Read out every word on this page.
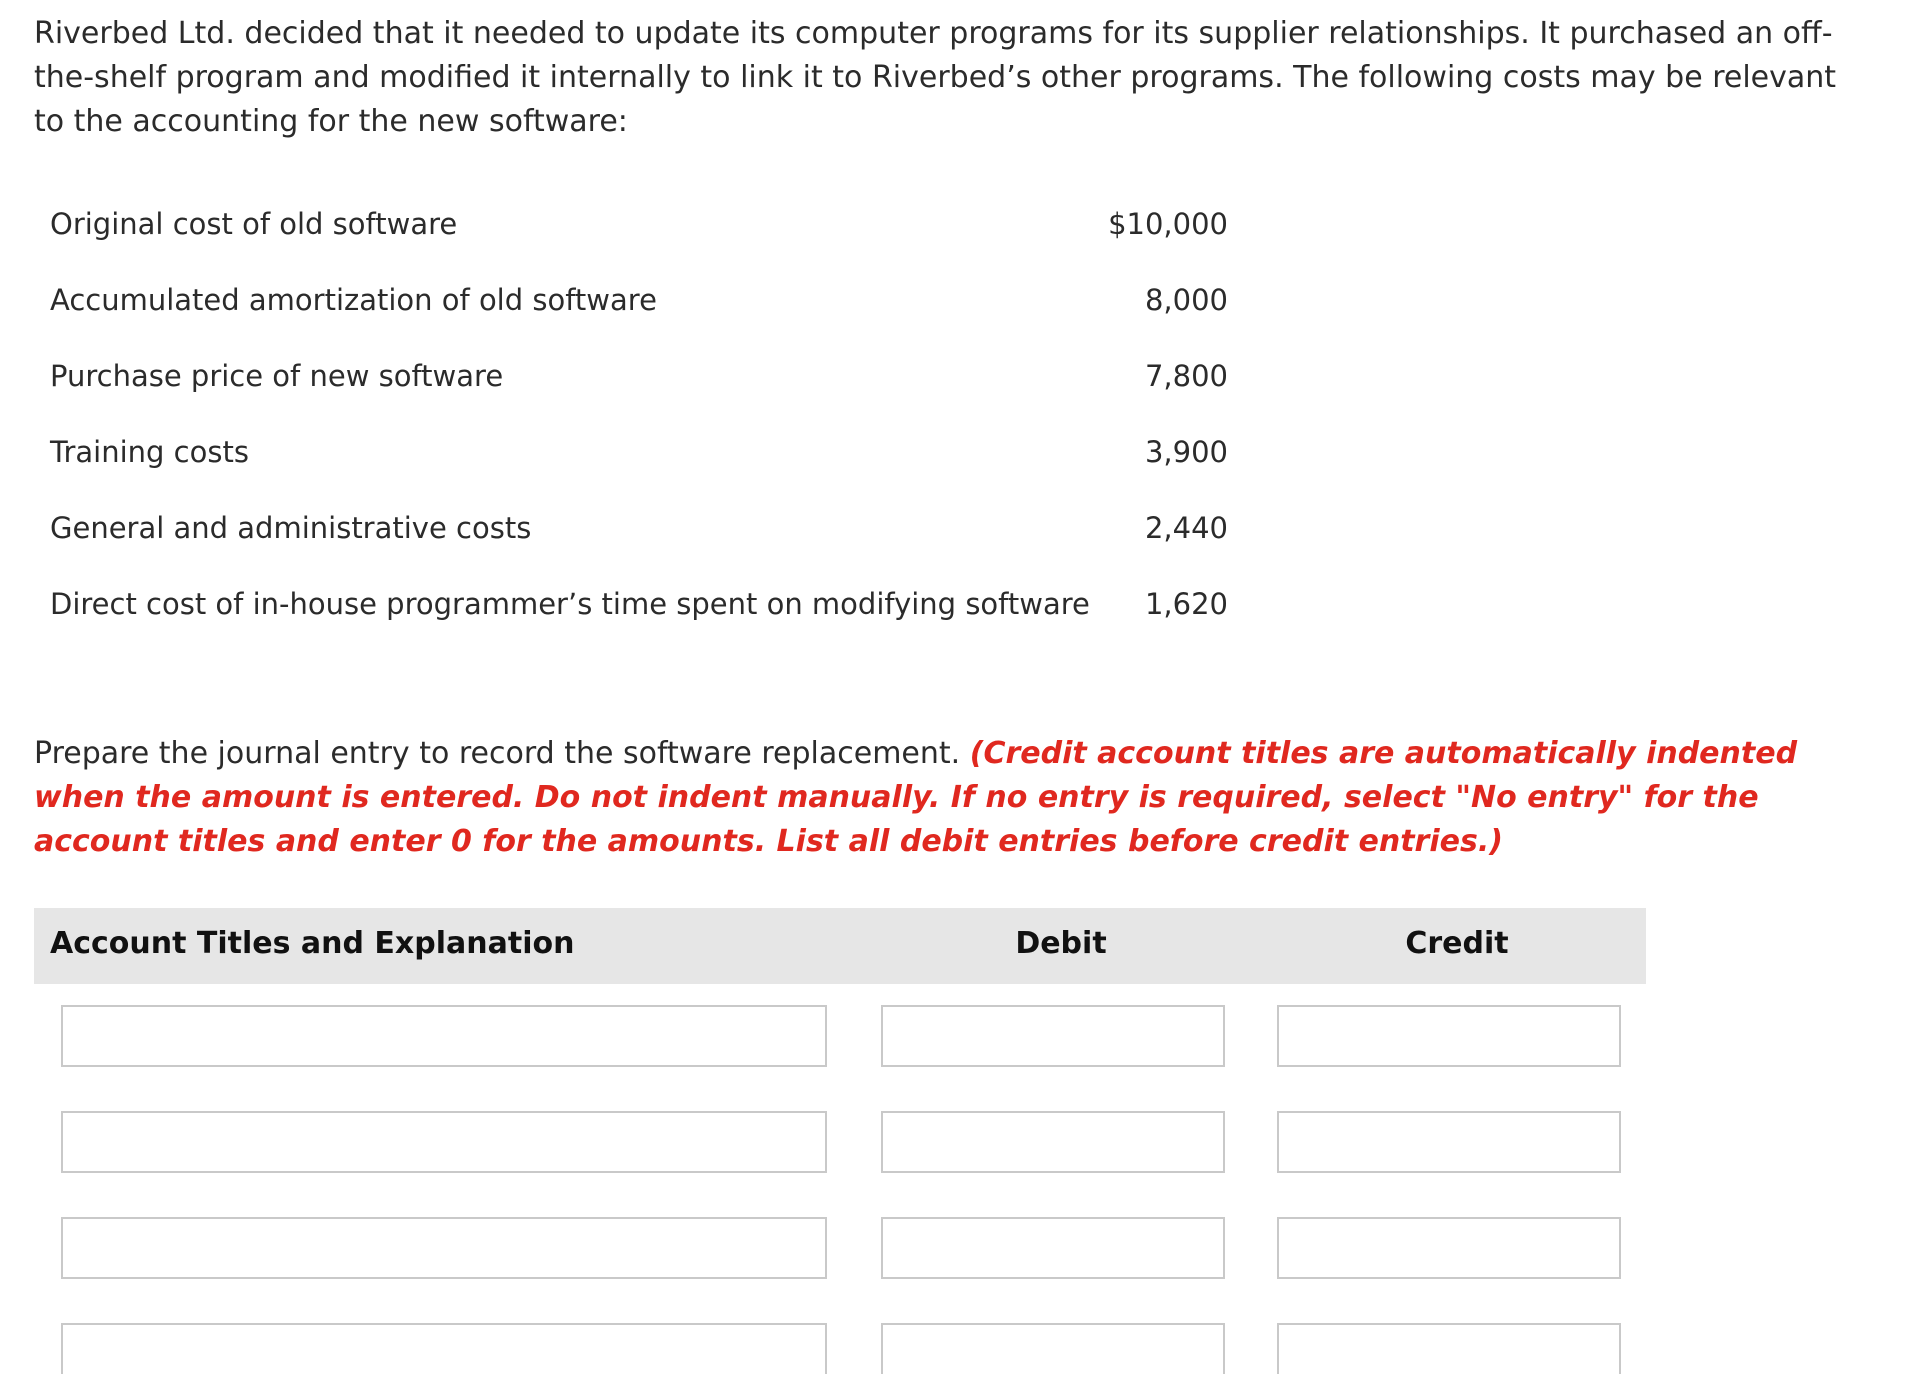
Riverbed Ltd. decided that it needed to update its computer programs for its supplier relationships. It purchased an off-the-shelf program and modified it internally to link it to Riverbed’s other programs. The following costs may be relevant to the accounting for the new software:

Original cost of old software	$10,000
Accumulated amortization of old software	8,000
Purchase price of new software	7,800
Training costs	3,900
General and administrative costs	2,440
Direct cost of in-house programmer’s time spent on modifying software	1,620

Prepare the journal entry to record the software replacement. (Credit account titles are automatically indented when the amount is entered. Do not indent manually. If no entry is required, select "No entry" for the account titles and enter 0 for the amounts. List all debit entries before credit entries.)

Account Titles and Explanation	Debit	Credit
